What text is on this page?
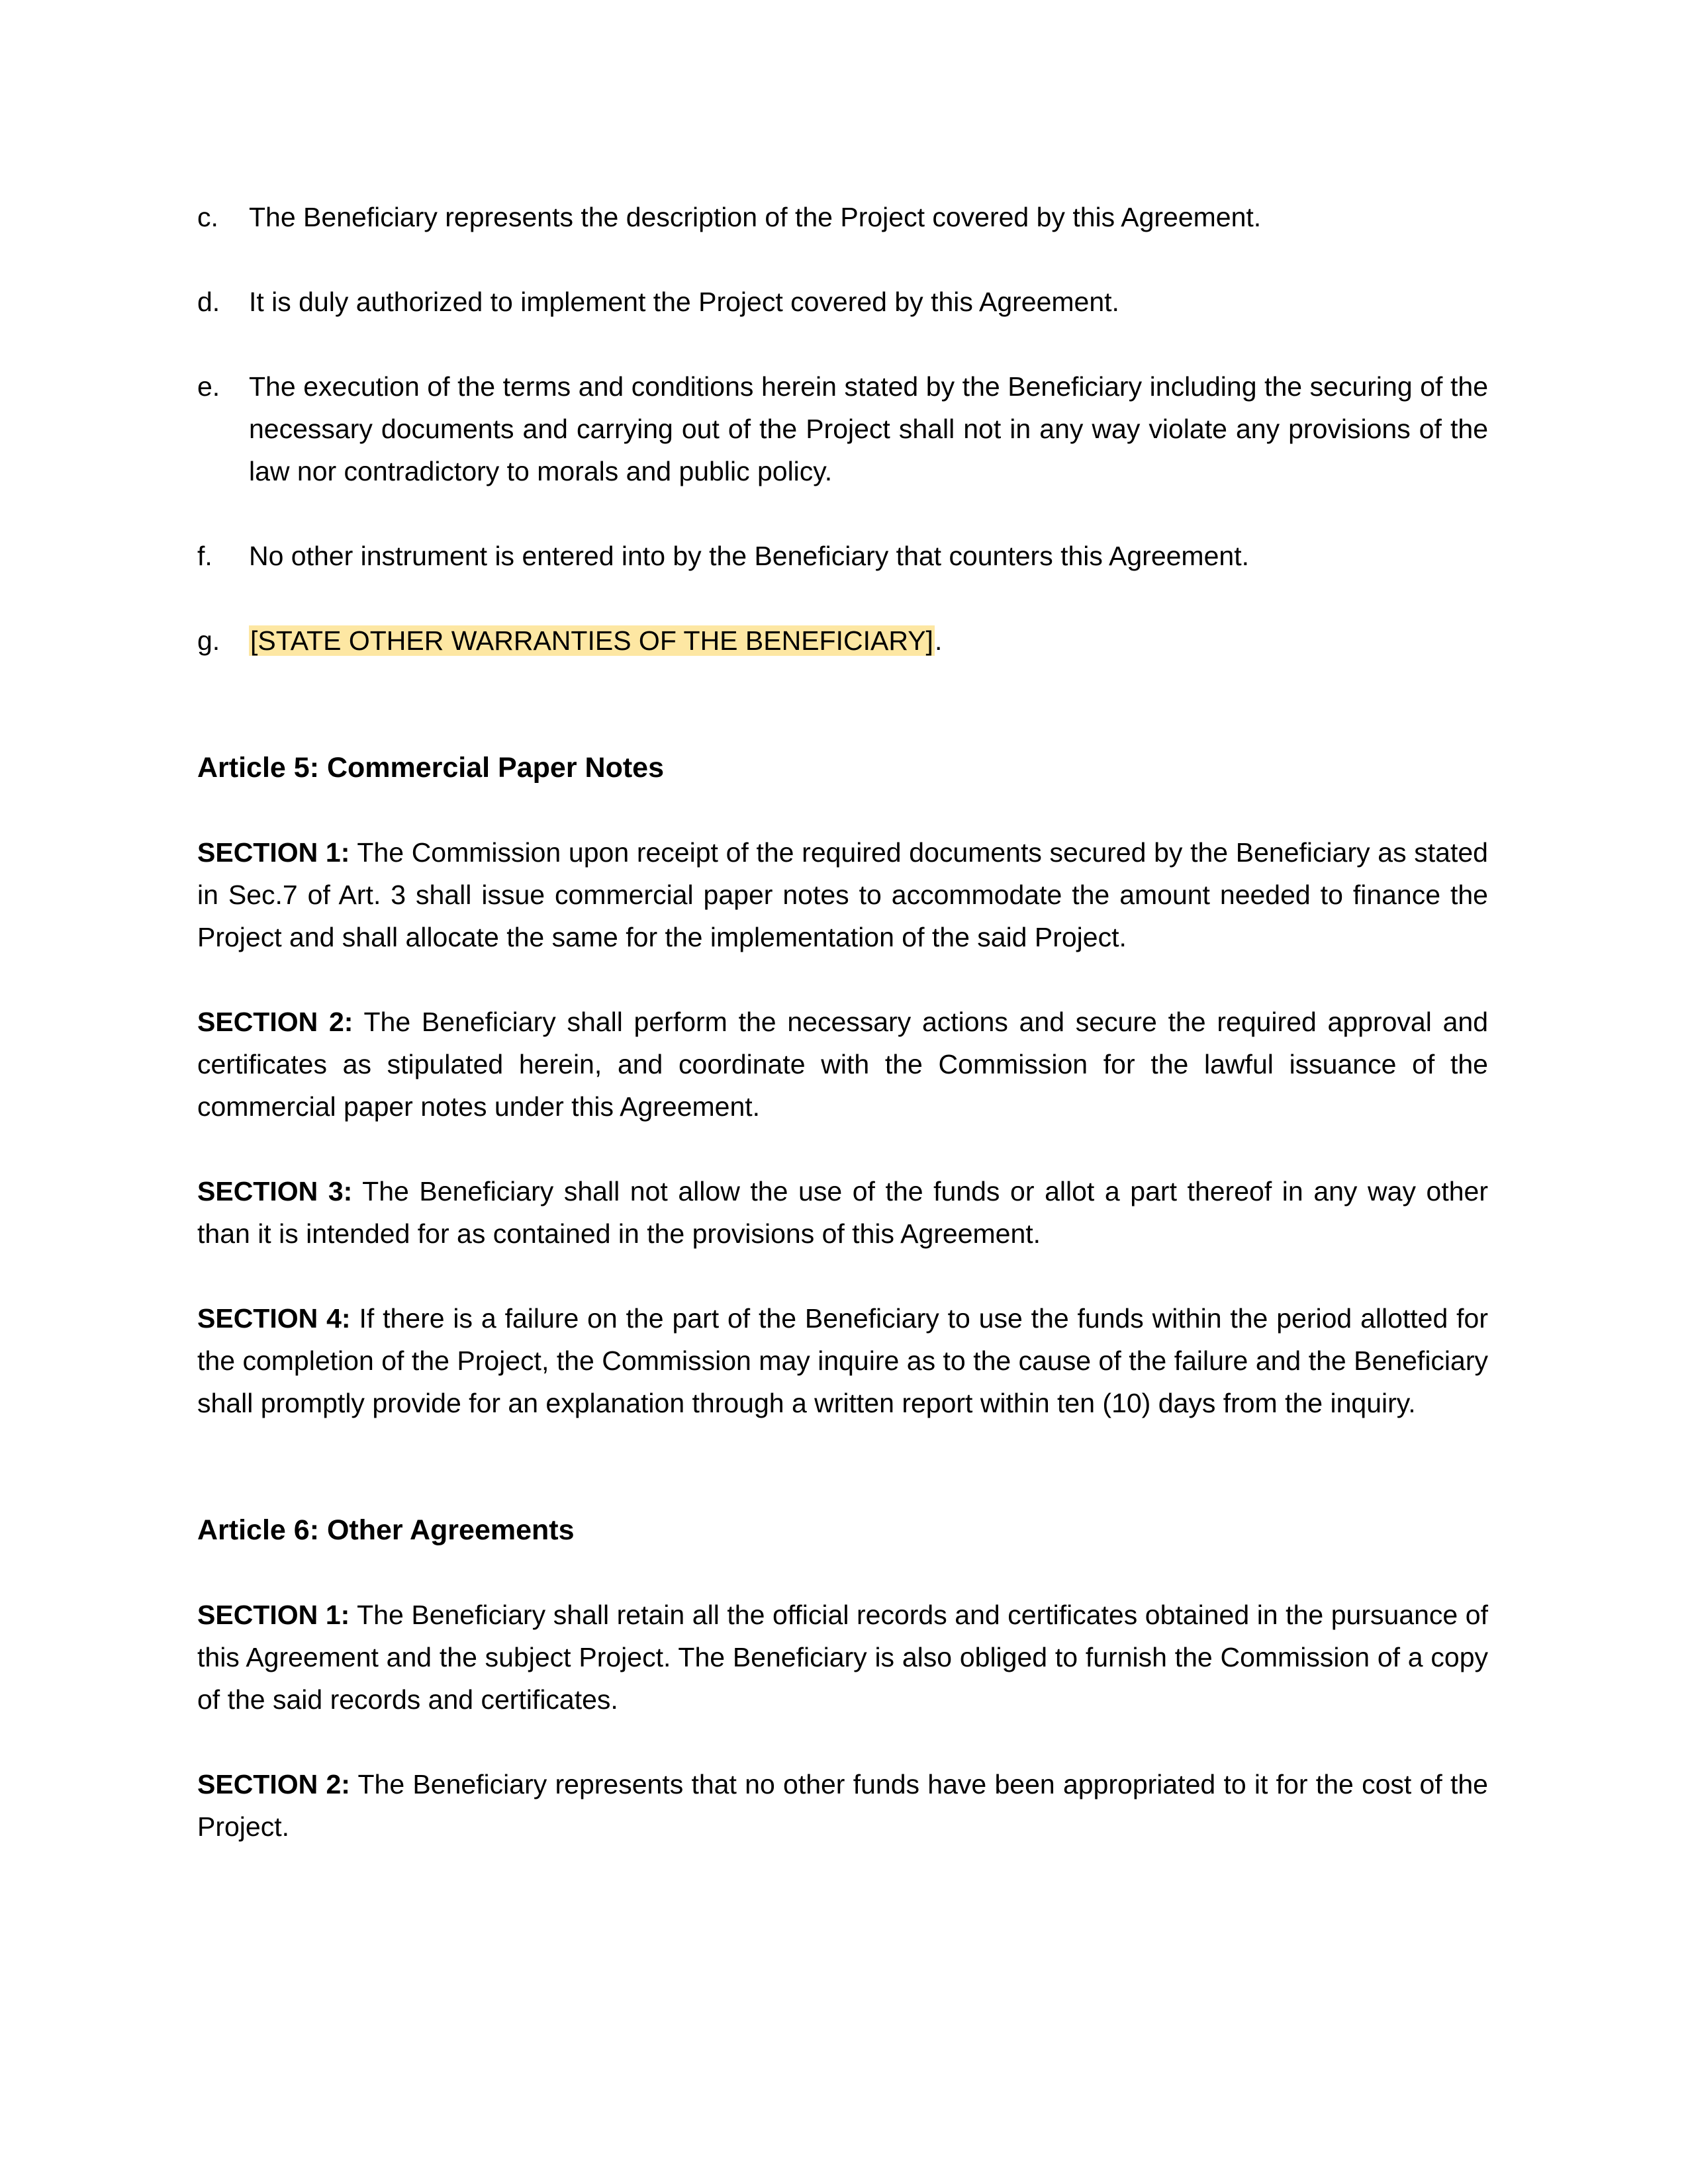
c.	The Beneficiary represents the description of the Project covered by this Agreement.
d.	It is duly authorized to implement the Project covered by this Agreement.
e.	The execution of the terms and conditions herein stated by the Beneficiary including the securing of the necessary documents and carrying out of the Project shall not in any way violate any provisions of the law nor contradictory to morals and public policy.
f.	No other instrument is entered into by the Beneficiary that counters this Agreement.
g.	[STATE OTHER WARRANTIES OF THE BENEFICIARY].
Article 5: Commercial Paper Notes
SECTION 1: The Commission upon receipt of the required documents secured by the Beneficiary as stated in Sec.7 of Art. 3 shall issue commercial paper notes to accommodate the amount needed to finance the Project and shall allocate the same for the implementation of the said Project.
SECTION 2: The Beneficiary shall perform the necessary actions and secure the required approval and certificates as stipulated herein, and coordinate with the Commission for the lawful issuance of the commercial paper notes under this Agreement.
SECTION 3: The Beneficiary shall not allow the use of the funds or allot a part thereof in any way other than it is intended for as contained in the provisions of this Agreement.
SECTION 4: If there is a failure on the part of the Beneficiary to use the funds within the period allotted for the completion of the Project, the Commission may inquire as to the cause of the failure and the Beneficiary shall promptly provide for an explanation through a written report within ten (10) days from the inquiry.
Article 6: Other Agreements
SECTION 1: The Beneficiary shall retain all the official records and certificates obtained in the pursuance of this Agreement and the subject Project. The Beneficiary is also obliged to furnish the Commission of a copy of the said records and certificates.
SECTION 2: The Beneficiary represents that no other funds have been appropriated to it for the cost of the Project.
